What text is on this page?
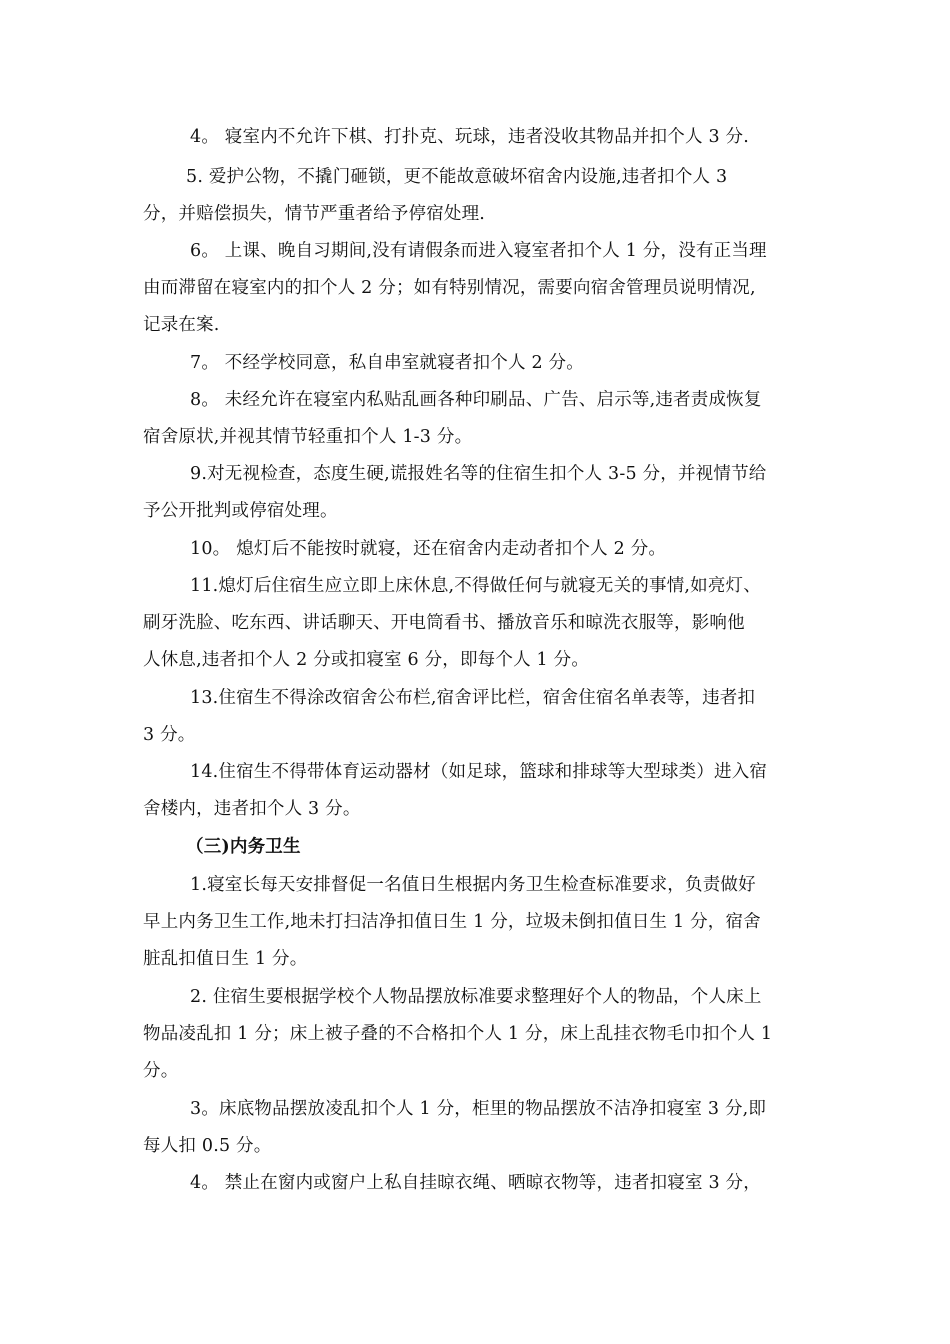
4。 寝室内不允许下棋、打扑克、玩球，违者没收其物品并扣个人 3 分.
5. 爱护公物，不撬门砸锁，更不能故意破坏宿舍内设施,违者扣个人 3
分，并赔偿损失，情节严重者给予停宿处理.
6。 上课、晚自习期间,没有请假条而进入寝室者扣个人 1 分，没有正当理
由而滞留在寝室内的扣个人 2 分；如有特别情况，需要向宿舍管理员说明情况,
记录在案.
7。 不经学校同意，私自串室就寝者扣个人 2 分。
8。 未经允许在寝室内私贴乱画各种印刷品、广告、启示等,违者责成恢复
宿舍原状,并视其情节轻重扣个人 1-3 分。
9.对无视检查，态度生硬,谎报姓名等的住宿生扣个人 3-5 分，并视情节给
予公开批判或停宿处理。
10。 熄灯后不能按时就寝，还在宿舍内走动者扣个人 2 分。
11.熄灯后住宿生应立即上床休息,不得做任何与就寝无关的事情,如亮灯、
刷牙洗脸、吃东西、讲话聊天、开电筒看书、播放音乐和晾洗衣服等，影响他
人休息,违者扣个人 2 分或扣寝室 6 分，即每个人 1 分。
13.住宿生不得涂改宿舍公布栏,宿舍评比栏，宿舍住宿名单表等，违者扣
3 分。
14.住宿生不得带体育运动器材（如足球，篮球和排球等大型球类）进入宿
舍楼内，违者扣个人 3 分。
（三)内务卫生
1.寝室长每天安排督促一名值日生根据内务卫生检查标准要求，负责做好
早上内务卫生工作,地未打扫洁净扣值日生 1 分，垃圾未倒扣值日生 1 分，宿舍
脏乱扣值日生 1 分。
2. 住宿生要根据学校个人物品摆放标准要求整理好个人的物品，个人床上
物品凌乱扣 1 分；床上被子叠的不合格扣个人 1 分，床上乱挂衣物毛巾扣个人 1
分。
3。床底物品摆放凌乱扣个人 1 分，柜里的物品摆放不洁净扣寝室 3 分,即
每人扣 0.5 分。
4。 禁止在窗内或窗户上私自挂晾衣绳、晒晾衣物等，违者扣寝室 3 分，
